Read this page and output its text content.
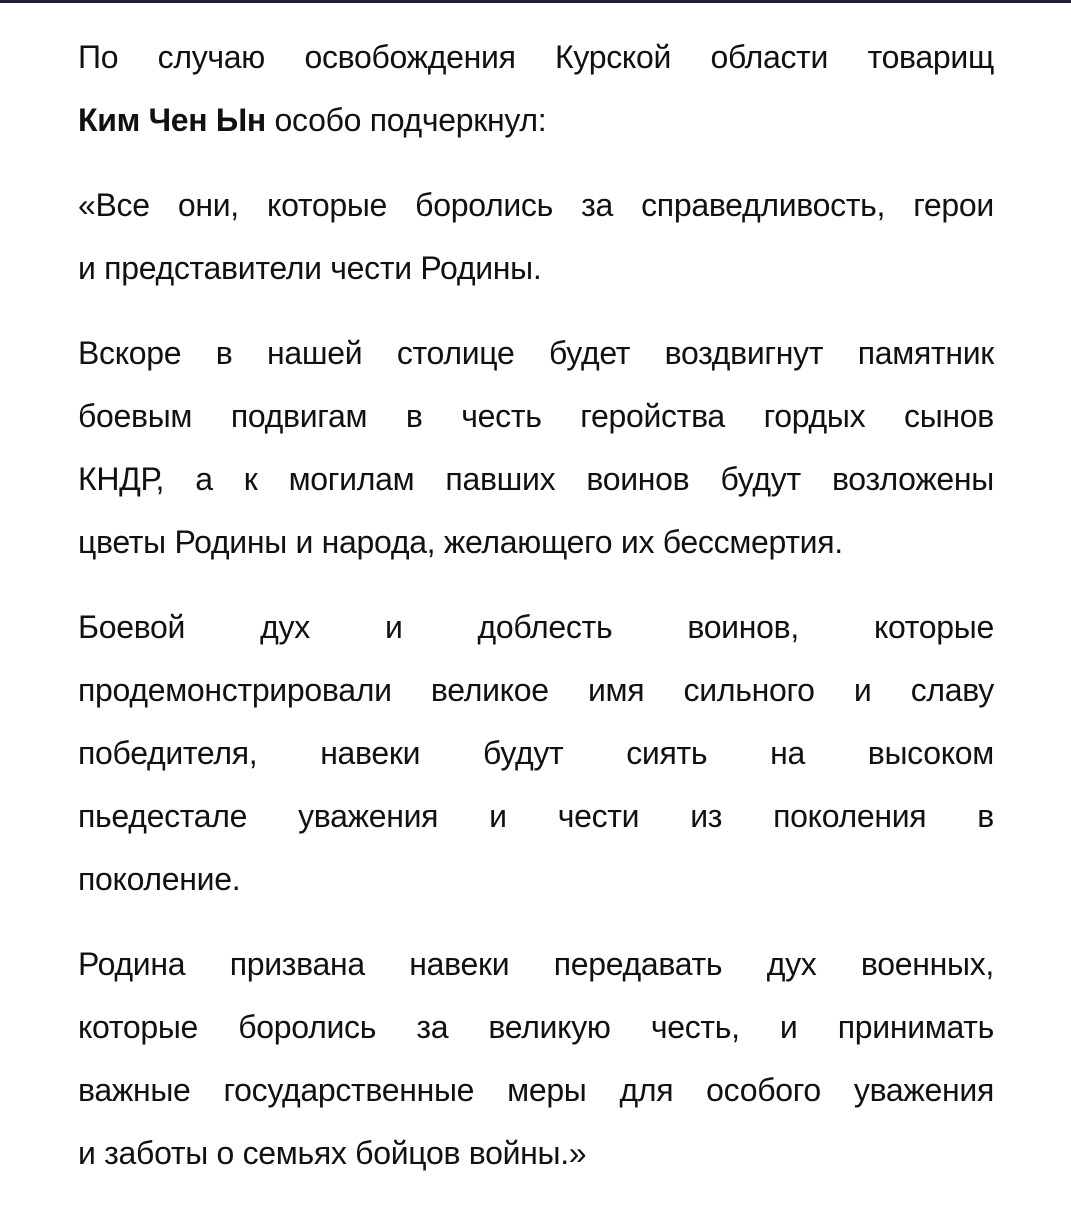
По случаю освобождения Курской области товарищ
Ким Чен Ын особо подчеркнул:
«Все они, которые боролись за справедливость, герои
и представители чести Родины.
Вскоре в нашей столице будет воздвигнут памятник
боевым подвигам в честь геройства гордых сынов
КНДР, а к могилам павших воинов будут возложены
цветы Родины и народа, желающего их бессмертия.
Боевой дух и доблесть воинов, которые
продемонстрировали великое имя сильного и славу
победителя, навеки будут сиять на высоком
пьедестале уважения и чести из поколения в
поколение.
Родина призвана навеки передавать дух военных,
которые боролись за великую честь, и принимать
важные государственные меры для особого уважения
и заботы о семьях бойцов войны.»
